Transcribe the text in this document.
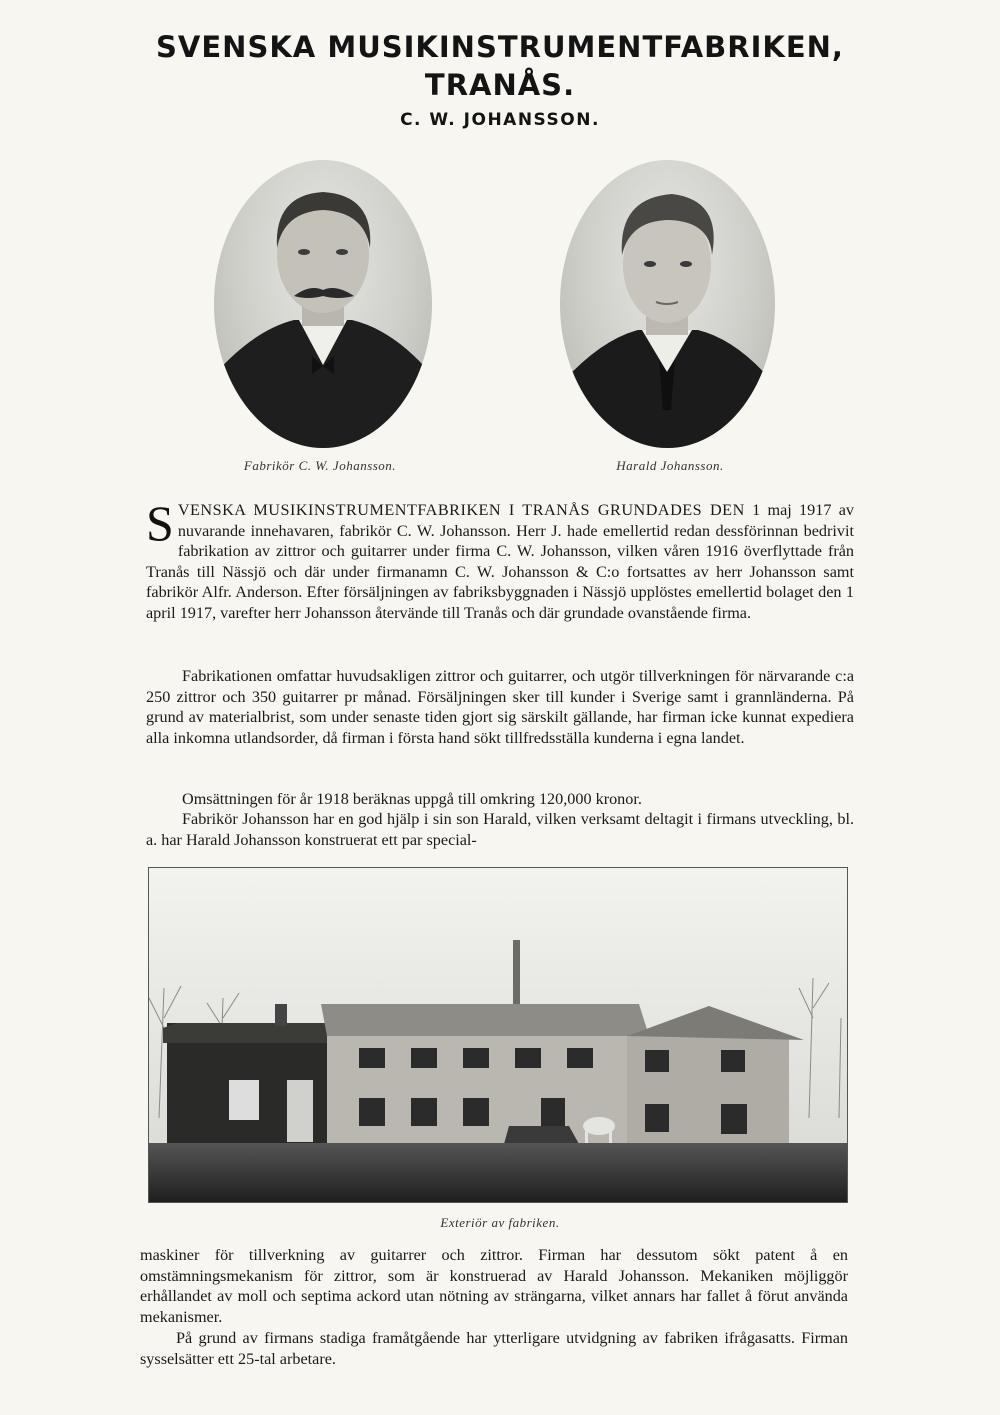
SVENSKA MUSIKINSTRUMENTFABRIKEN,
TRANÅS.
C. W. JOHANSSON.
Fabrikör C. W. Johansson.	Harald Johansson.
SVENSKA MUSIKINSTRUMENTFABRIKEN I TRANÅS GRUNDADES DEN 1 maj 1917 av nuvarande innehavaren, fabrikör C. W. Johansson. Herr J. hade emellertid redan dessförinnan bedrivit fabrikation av zittror och guitarrer under firma C. W. Johansson, vilken våren 1916 överflyttade från Tranås till Nässjö och där under firmanamn C. W. Johansson & C:o fortsattes av herr Johansson samt fabrikör Alfr. Anderson. Efter försäljningen av fabriksbyggnaden i Nässjö upplöstes emellertid bolaget den 1 april 1917, varefter herr Johansson återvände till Tranås och där grundade ovanstående firma.
Fabrikationen omfattar huvudsakligen zittror och guitarrer, och utgör tillverkningen för närvarande c:a 250 zittror och 350 guitarrer pr månad. Försäljningen sker till kunder i Sverige samt i grannländerna. På grund av materialbrist, som under senaste tiden gjort sig särskilt gällande, har firman icke kunnat expediera alla inkomna utlandsorder, då firman i första hand sökt tillfredsställa kunderna i egna landet.
Omsättningen för år 1918 beräknas uppgå till omkring 120,000 kronor.
Fabrikör Johansson har en god hjälp i sin son Harald, vilken verksamt deltagit i firmans utveckling, bl. a. har Harald Johansson konstruerat ett par special-
Exteriör av fabriken.
maskiner för tillverkning av guitarrer och zittror. Firman har dessutom sökt patent å en omstämningsmekanism för zittror, som är konstruerad av Harald Johansson. Mekaniken möjliggör erhållandet av moll och septima ackord utan nötning av strängarna, vilket annars har fallet å förut använda mekanismer.
På grund av firmans stadiga framåtgående har ytterligare utvidgning av fabriken ifrågasatts. Firman sysselsätter ett 25-tal arbetare.
